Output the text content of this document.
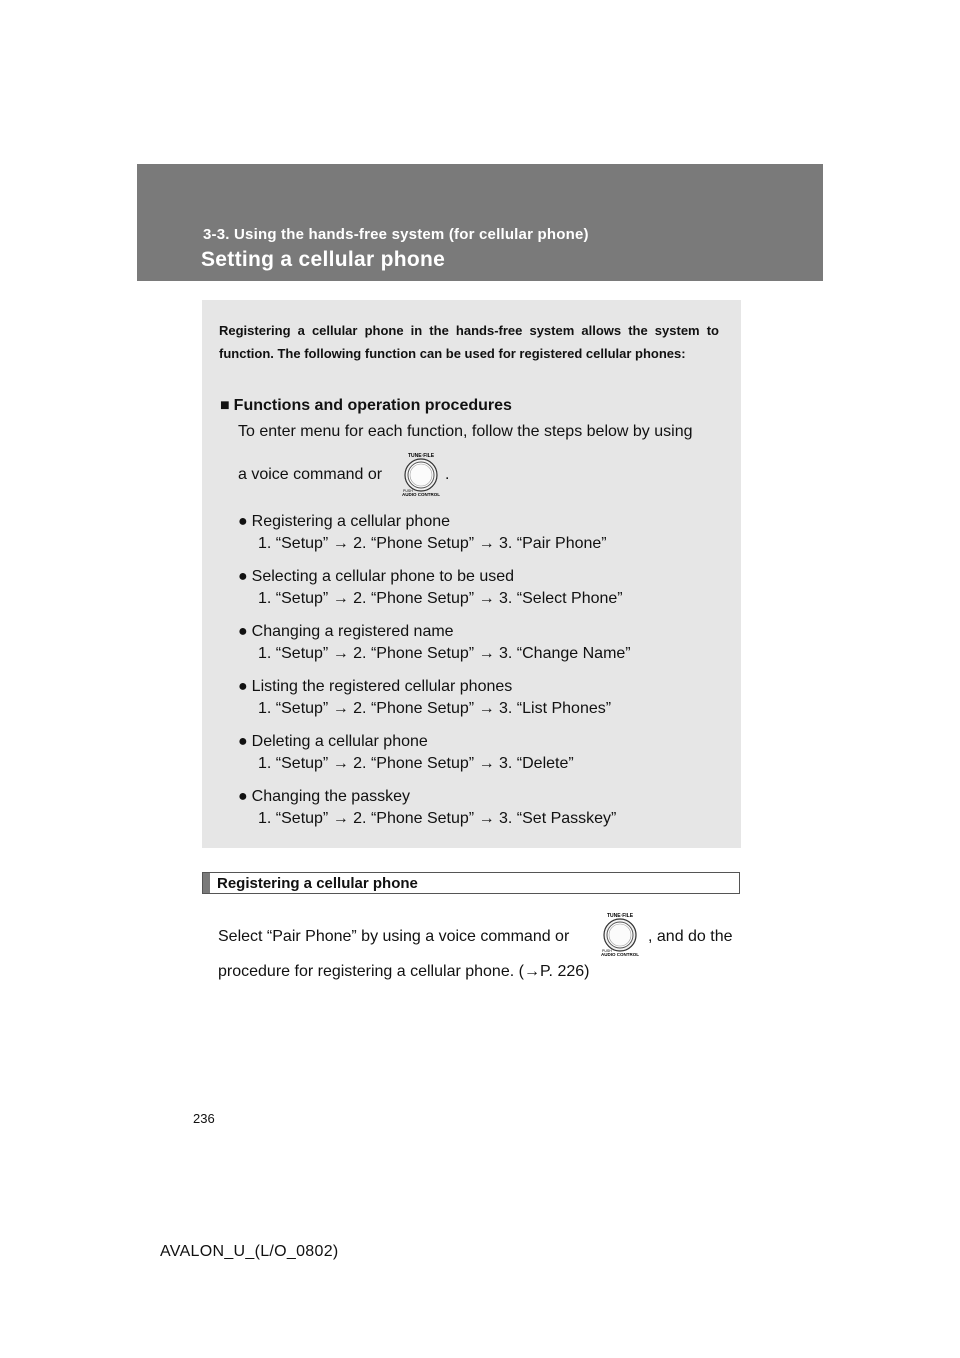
3-3. Using the hands-free system (for cellular phone)
Setting a cellular phone
Registering a cellular phone in the hands-free system allows the system to function. The following function can be used for registered cellular phones:
■ Functions and operation procedures
To enter menu for each function, follow the steps below by using
a voice command or
TUNE·FILE
PUSH
AUDIO CONTROL
.
● Registering a cellular phone
1. “Setup” → 2. “Phone Setup” → 3. “Pair Phone”
● Selecting a cellular phone to be used
1. “Setup” → 2. “Phone Setup” → 3. “Select Phone”
● Changing a registered name
1. “Setup” → 2. “Phone Setup” → 3. “Change Name”
● Listing the registered cellular phones
1. “Setup” → 2. “Phone Setup” → 3. “List Phones”
● Deleting a cellular phone
1. “Setup” → 2. “Phone Setup” → 3. “Delete”
● Changing the passkey
1. “Setup” → 2. “Phone Setup” → 3. “Set Passkey”
Registering a cellular phone
Select “Pair Phone” by using a voice command or
TUNE·FILE
PUSH
AUDIO CONTROL
, and do the
procedure for registering a cellular phone. (→P. 226)
236
AVALON_U_(L/O_0802)
